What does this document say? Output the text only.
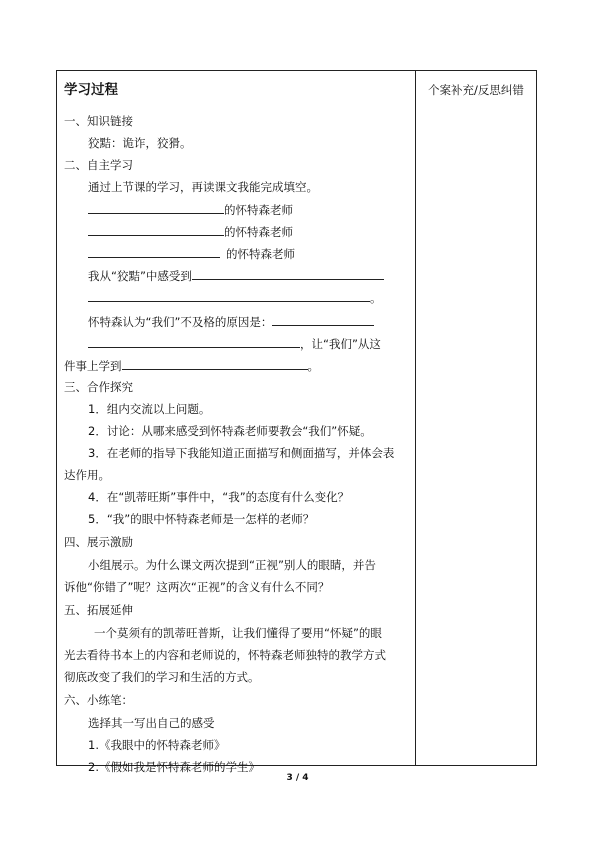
学习过程
一、知识链接
狡黠：诡诈，狡猾。
二、自主学习
通过上节课的学习，再读课文我能完成填空。
的怀特森老师
的怀特森老师
的怀特森老师
我从“狡黠”中感受到
。
怀特森认为“我们”不及格的原因是：
，让“我们”从这
件事上学到	。
三、合作探究
1．组内交流以上问题。
2．讨论：从哪来感受到怀特森老师要教会“我们”怀疑。
3．在老师的指导下我能知道正面描写和侧面描写，并体会表
达作用。
4．在“凯蒂旺斯”事件中，“我”的态度有什么变化？
5．“我”的眼中怀特森老师是一怎样的老师？
四、展示激励
小组展示。为什么课文两次提到“正视”别人的眼睛，并告
诉他“你错了”呢？这两次“正视”的含义有什么不同？
五、拓展延伸
一个莫须有的凯蒂旺普斯，让我们懂得了要用“怀疑”的眼
光去看待书本上的内容和老师说的，怀特森老师独特的教学方式
彻底改变了我们的学习和生活的方式。
六、小练笔：
选择其一写出自己的感受
1.《我眼中的怀特森老师》
2.《假如我是怀特森老师的学生》
个案补充/反思纠错
3 / 4
